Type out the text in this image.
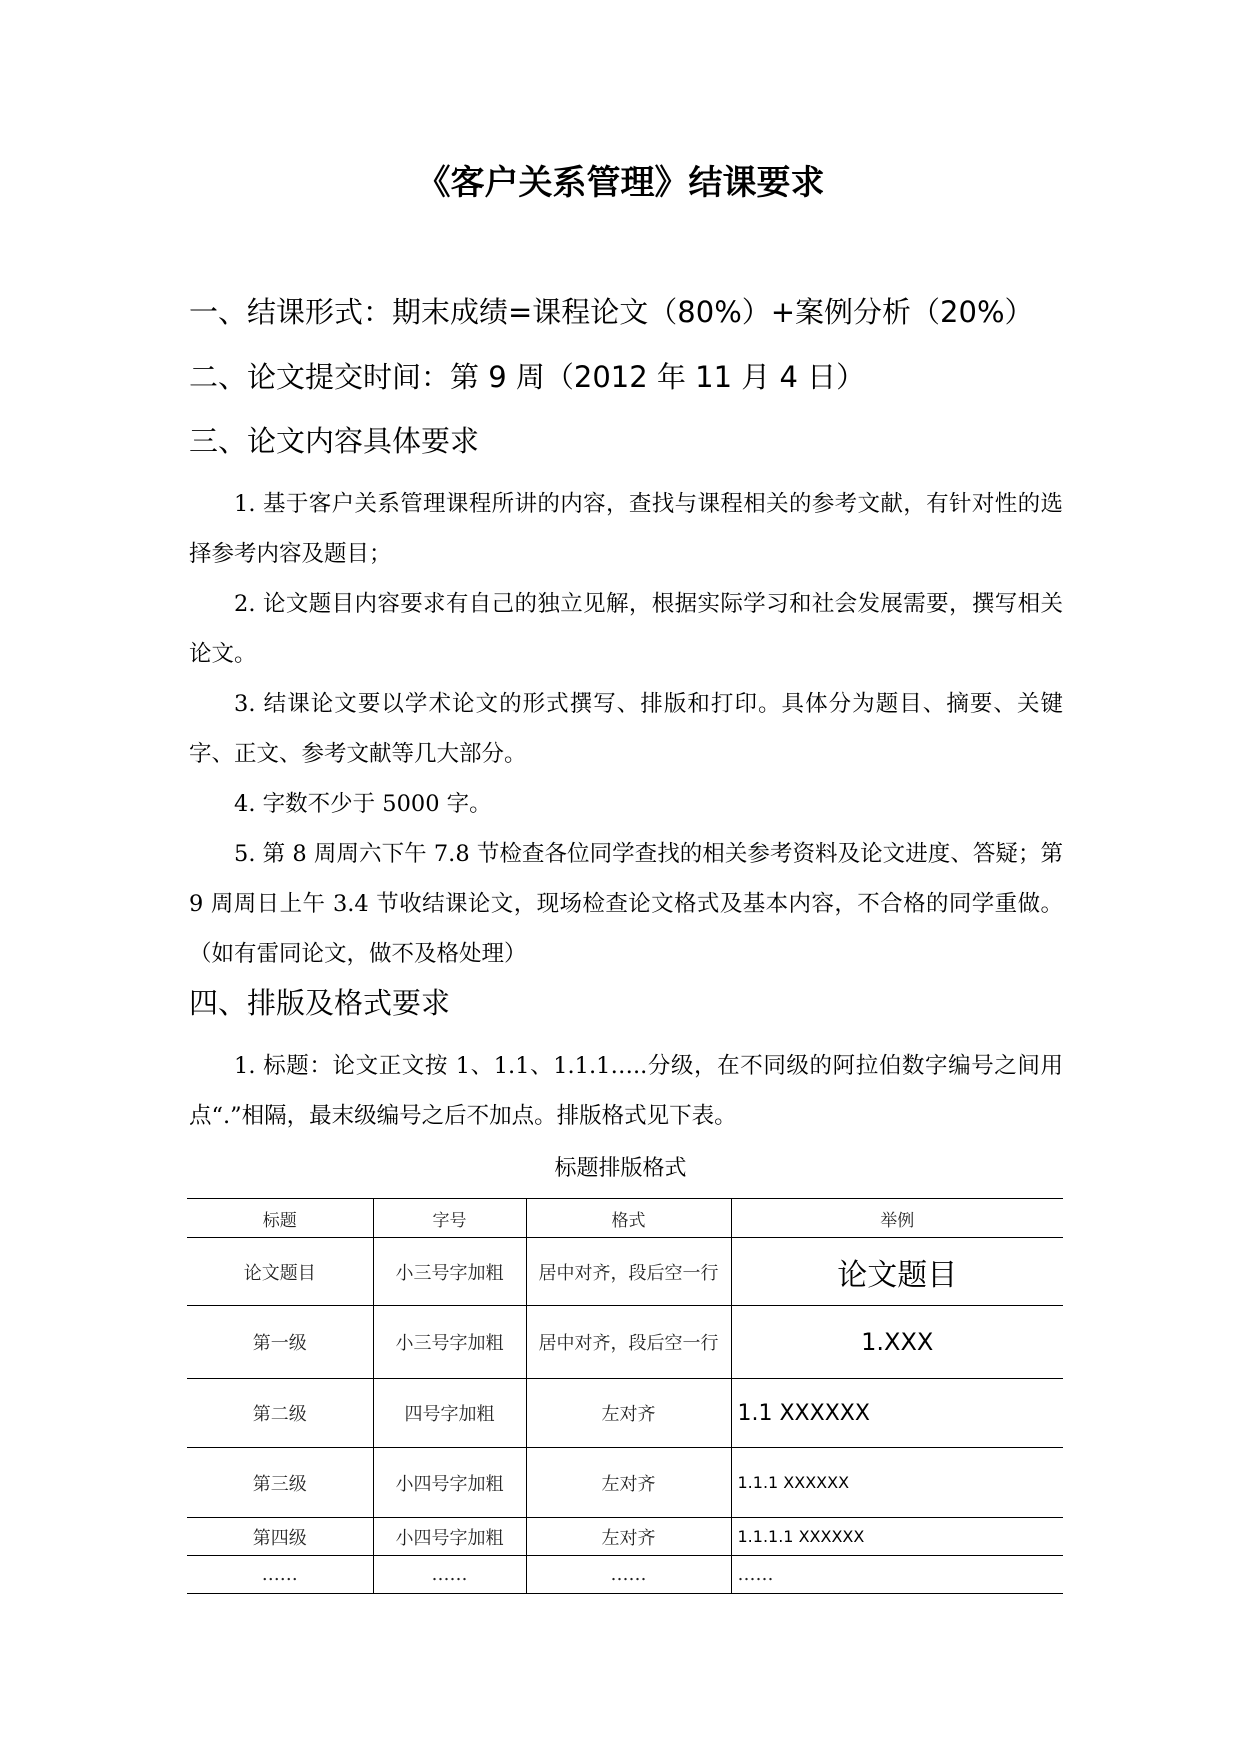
《客户关系管理》结课要求
一、结课形式：期末成绩=课程论文（80%）+案例分析（20%）
二、论文提交时间：第 9 周（2012 年 11 月 4 日）
三、论文内容具体要求

1. 基于客户关系管理课程所讲的内容，查找与课程相关的参考文献，有针对性的选择参考内容及题目；

2. 论文题目内容要求有自己的独立见解，根据实际学习和社会发展需要，撰写相关论文。

3. 结课论文要以学术论文的形式撰写、排版和打印。具体分为题目、摘要、关键字、正文、参考文献等几大部分。

4. 字数不少于 5000 字。

5. 第 8 周周六下午 7.8 节检查各位同学查找的相关参考资料及论文进度、答疑；第 9 周周日上午 3.4 节收结课论文，现场检查论文格式及基本内容，不合格的同学重做。（如有雷同论文，做不及格处理）

四、排版及格式要求

1. 标题：论文正文按 1、1.1、1.1.1…..分级，在不同级的阿拉伯数字编号之间用点“.”相隔，最末级编号之后不加点。排版格式见下表。

标题排版格式
标题	字号	格式	举例
论文题目	小三号字加粗	居中对齐，段后空一行	论文题目
第一级	小三号字加粗	居中对齐，段后空一行	1.XXX
第二级	四号字加粗	左对齐	1.1 XXXXXX
第三级	小四号字加粗	左对齐	1.1.1 XXXXXX
第四级	小四号字加粗	左对齐	1.1.1.1 XXXXXX
……	……	……	……
